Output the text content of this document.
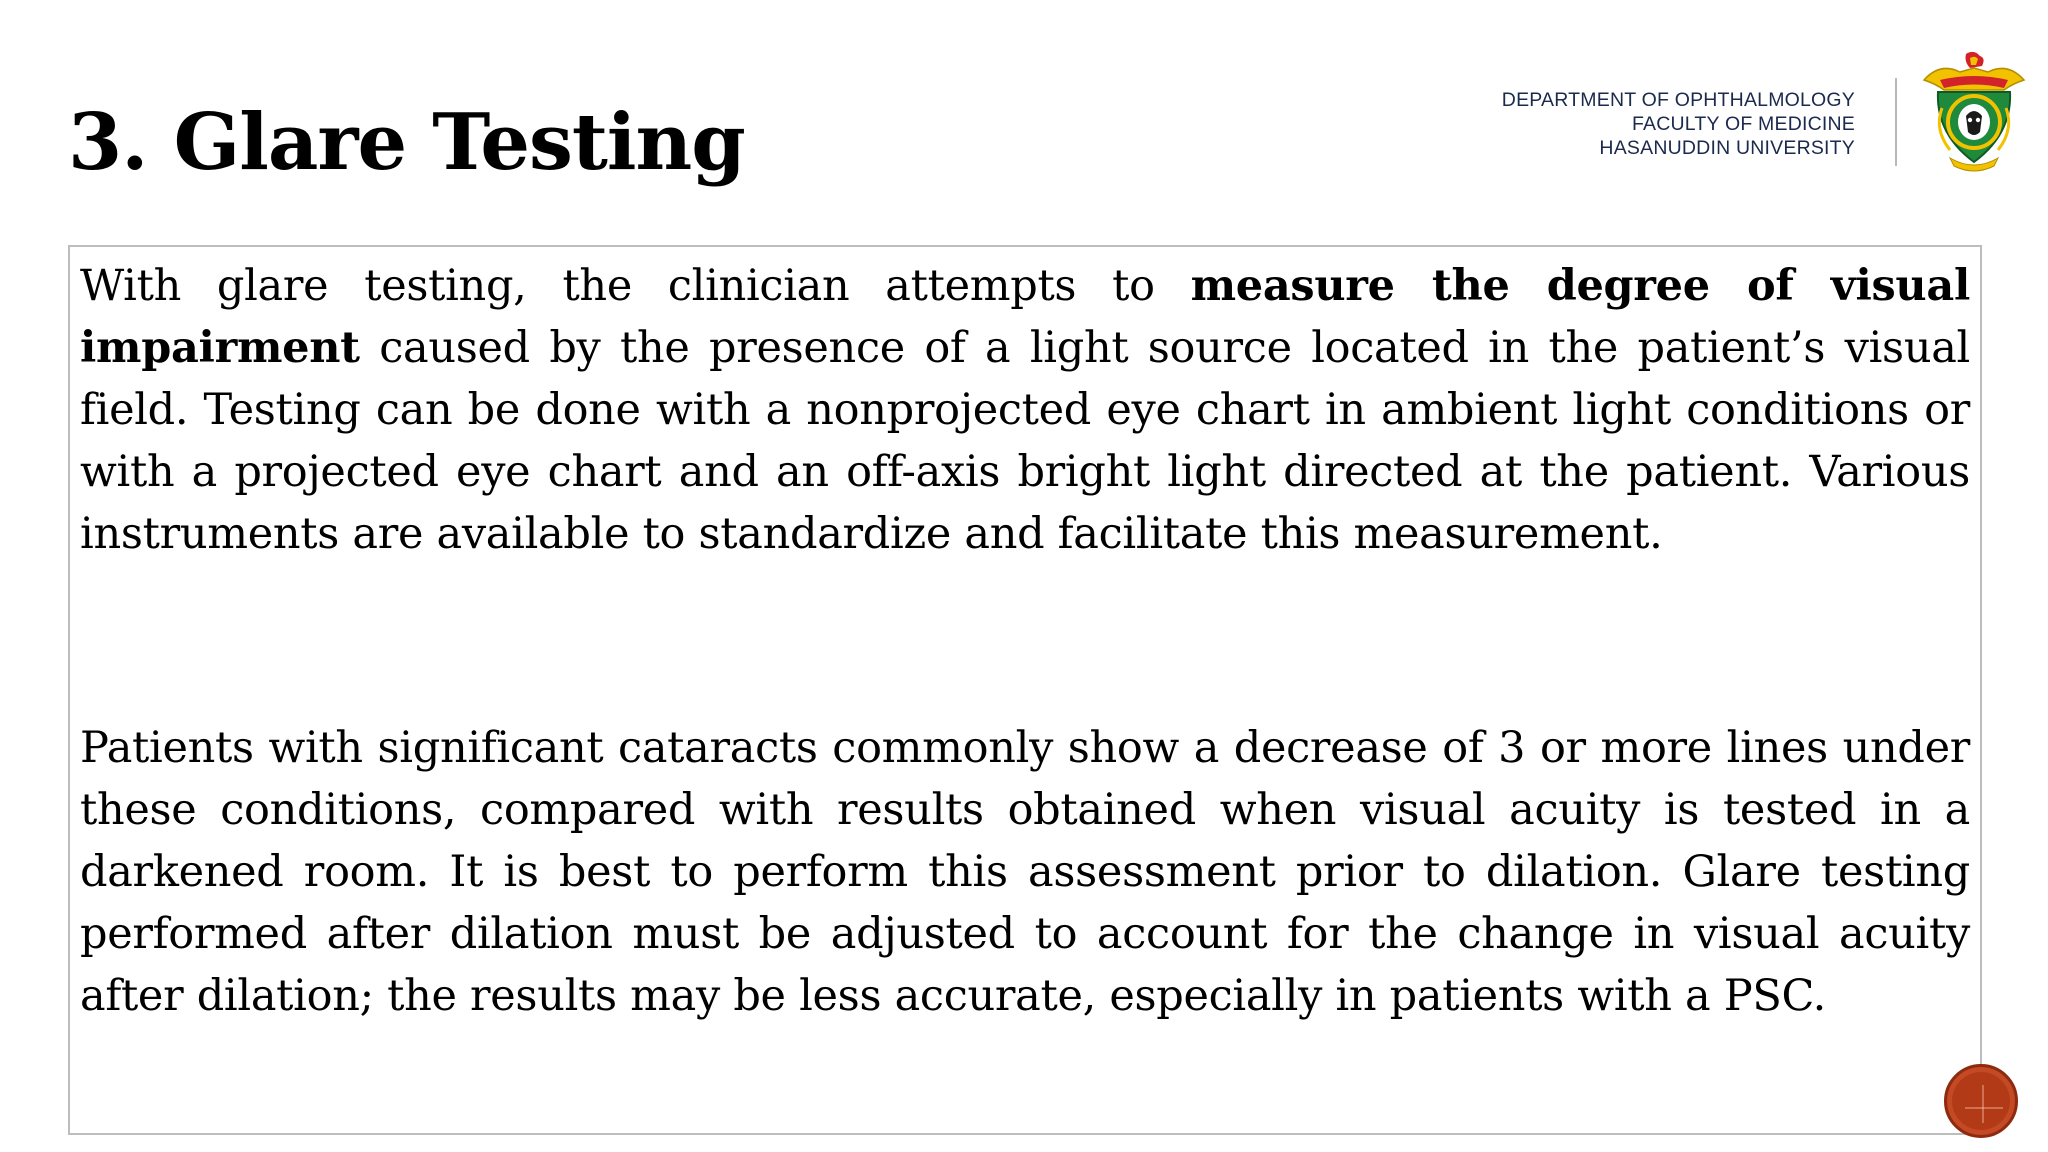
3. Glare Testing	DEPARTMENT OF OPHTHALMOLOGY
FACULTY OF MEDICINE
HASANUDDIN UNIVERSITY

With glare testing, the clinician attempts to measure the degree of visual impairment caused by the presence of a light source located in the patient’s visual field. Testing can be done with a nonprojected eye chart in ambient light conditions or with a projected eye chart and an off-axis bright light directed at the patient. Various instruments are available to standardize and facilitate this measurement.

Patients with significant cataracts commonly show a decrease of 3 or more lines under these conditions, compared with results obtained when visual acuity is tested in a darkened room. It is best to perform this assessment prior to dilation. Glare testing performed after dilation must be adjusted to account for the change in visual acuity after dilation; the results may be less accurate, especially in patients with a PSC.
